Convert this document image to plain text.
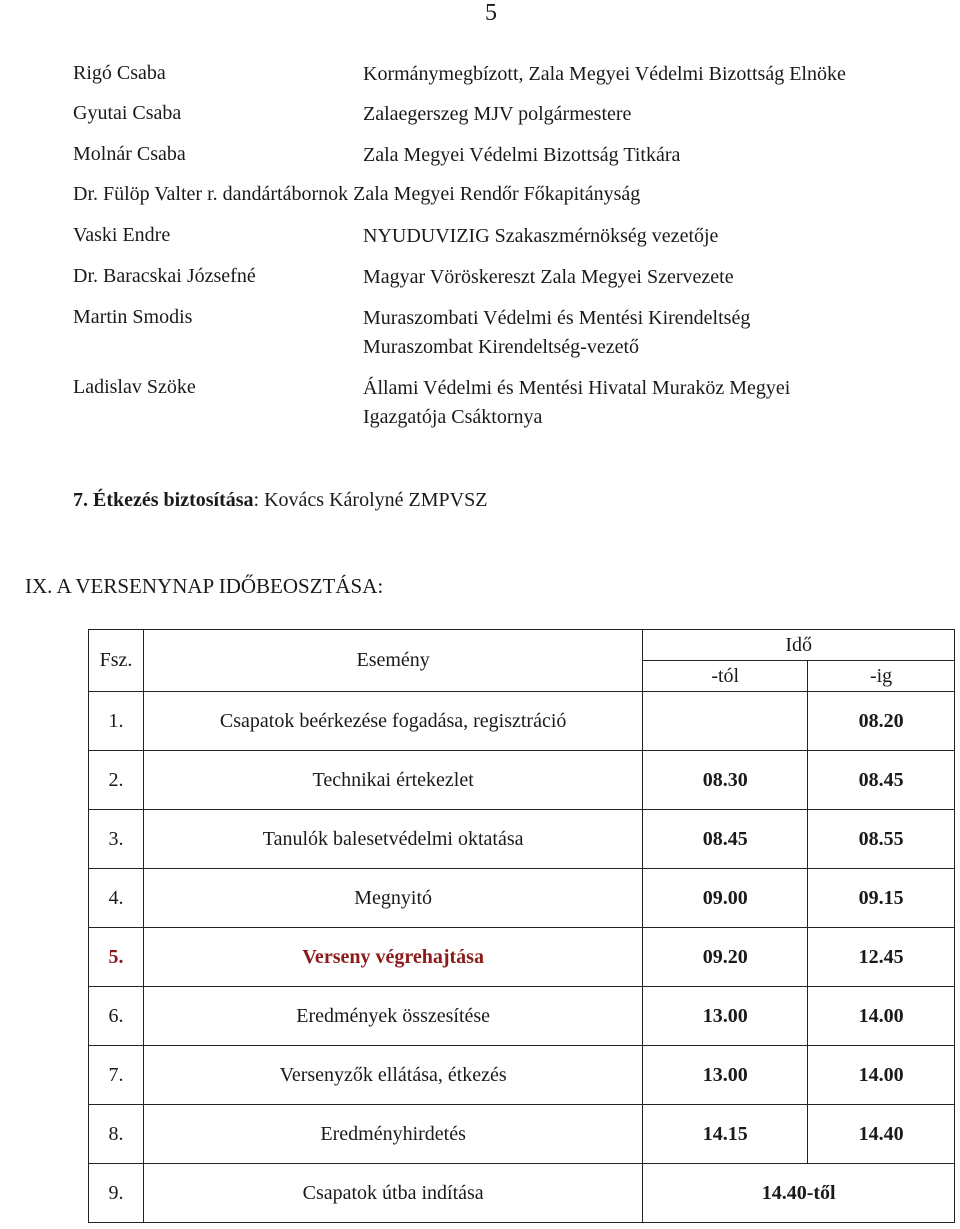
5
Rigó Csaba	Kormánymegbízott, Zala Megyei Védelmi Bizottság Elnöke
Gyutai Csaba	Zalaegerszeg MJV polgármestere
Molnár Csaba	Zala Megyei Védelmi Bizottság Titkára
Dr. Fülöp Valter r. dandártábornok Zala Megyei Rendőr Főkapitányság
Vaski Endre	NYUDUVIZIG Szakaszmérnökség vezetője
Dr. Baracskai Józsefné	Magyar Vöröskereszt Zala Megyei Szervezete
Martin Smodis	Muraszombati Védelmi és Mentési Kirendeltség
Muraszombat Kirendeltség-vezető
Ladislav Szöke	Állami Védelmi és Mentési Hivatal Muraköz Megyei
Igazgatója Csáktornya
7. Étkezés biztosítása: Kovács Károlyné ZMPVSZ
IX. A VERSENYNAP IDŐBEOSZTÁSA:
Fsz.	Esemény	Idő	
		-tól	-ig
1.	Csapatok beérkezése fogadása, regisztráció		08.20
2.	Technikai értekezlet	08.30	08.45
3.	Tanulók balesetvédelmi oktatása	08.45	08.55
4.	Megnyitó	09.00	09.15
5.	Verseny végrehajtása	09.20	12.45
6.	Eredmények összesítése	13.00	14.00
7.	Versenyzők ellátása, étkezés	13.00	14.00
8.	Eredményhirdetés	14.15	14.40
9.	Csapatok útba indítása	14.40-től	
